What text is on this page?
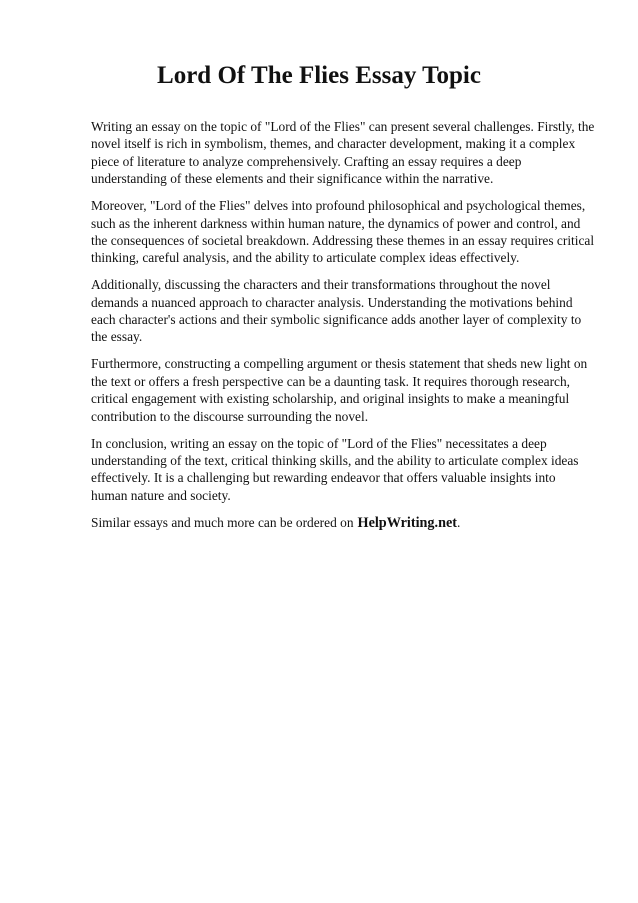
Lord Of The Flies Essay Topic

Writing an essay on the topic of "Lord of the Flies" can present several challenges. Firstly, the novel itself is rich in symbolism, themes, and character development, making it a complex piece of literature to analyze comprehensively. Crafting an essay requires a deep understanding of these elements and their significance within the narrative.

Moreover, "Lord of the Flies" delves into profound philosophical and psychological themes, such as the inherent darkness within human nature, the dynamics of power and control, and the consequences of societal breakdown. Addressing these themes in an essay requires critical thinking, careful analysis, and the ability to articulate complex ideas effectively.

Additionally, discussing the characters and their transformations throughout the novel demands a nuanced approach to character analysis. Understanding the motivations behind each character's actions and their symbolic significance adds another layer of complexity to the essay.

Furthermore, constructing a compelling argument or thesis statement that sheds new light on the text or offers a fresh perspective can be a daunting task. It requires thorough research, critical engagement with existing scholarship, and original insights to make a meaningful contribution to the discourse surrounding the novel.

In conclusion, writing an essay on the topic of "Lord of the Flies" necessitates a deep understanding of the text, critical thinking skills, and the ability to articulate complex ideas effectively. It is a challenging but rewarding endeavor that offers valuable insights into human nature and society.

Similar essays and much more can be ordered on HelpWriting.net.
